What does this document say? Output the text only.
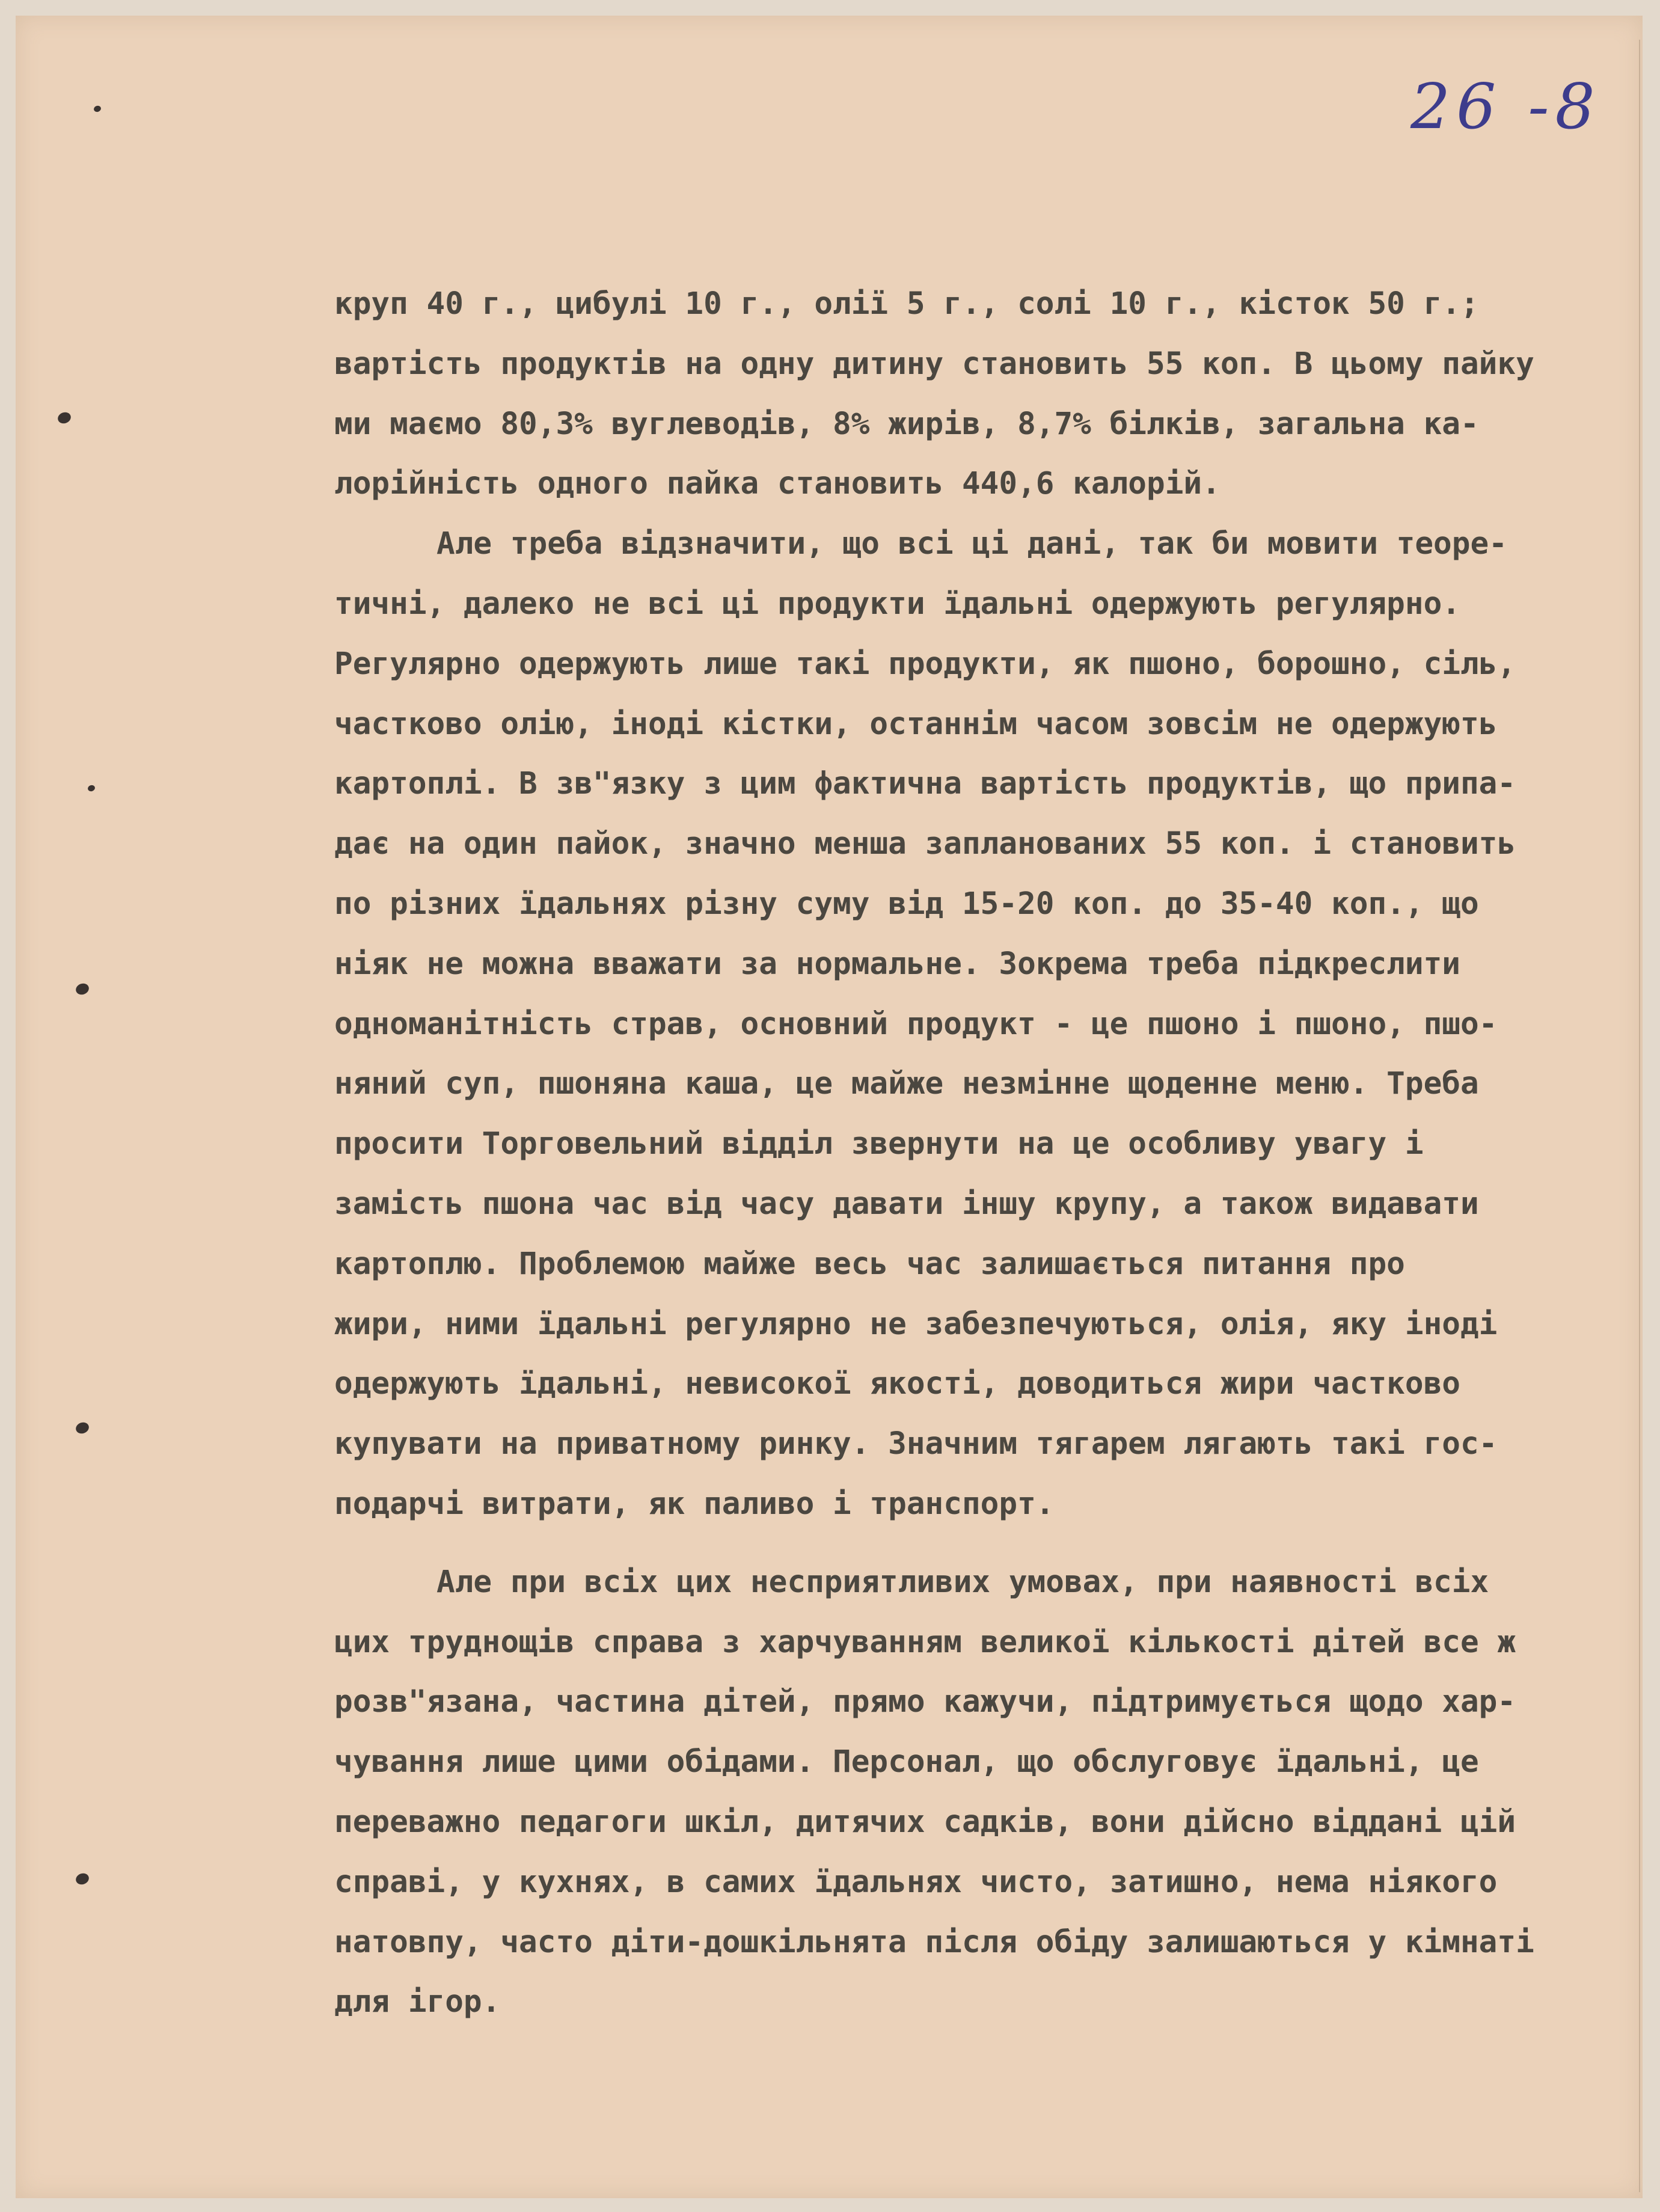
26 -8
круп 40 г., цибулі 10 г., олії 5 г., солі 10 г., кісток 50 г.;
вартість продуктів на одну дитину становить 55 коп. В цьому пайку
ми маємо 80,3% вуглеводів, 8% жирів, 8,7% білків, загальна ка-
лорійність одного пайка становить 440,6 калорій.
Але треба відзначити, що всі ці дані, так би мовити теоре-
тичні, далеко не всі ці продукти їдальні одержують регулярно.
Регулярно одержують лише такі продукти, як пшоно, борошно, сіль,
частково олію, іноді кістки, останнім часом зовсім не одержують
картоплі. В зв"язку з цим фактична вартість продуктів, що припа-
дає на один пайок, значно менша запланованих 55 коп. і становить
по різних їдальнях різну суму від 15-20 коп. до 35-40 коп., що
ніяк не можна вважати за нормальне. Зокрема треба підкреслити
одноманітність страв, основний продукт - це пшоно і пшоно, пшо-
няний суп, пшоняна каша, це майже незмінне щоденне меню. Треба
просити Торговельний відділ звернути на це особливу увагу і
замість пшона час від часу давати іншу крупу, а також видавати
картоплю. Проблемою майже весь час залишається питання про
жири, ними їдальні регулярно не забезпечуються, олія, яку іноді
одержують їдальні, невисокої якості, доводиться жири частково
купувати на приватному ринку. Значним тягарем лягають такі гос-
подарчі витрати, як паливо і транспорт.
Але при всіх цих несприятливих умовах, при наявності всіх
цих труднощів справа з харчуванням великої кількості дітей все ж
розв"язана, частина дітей, прямо кажучи, підтримується щодо хар-
чування лише цими обідами. Персонал, що обслуговує їдальні, це
переважно педагоги шкіл, дитячих садків, вони дійсно віддані цій
справі, у кухнях, в самих їдальнях чисто, затишно, нема ніякого
натовпу, часто діти-дошкільнята після обіду залишаються у кімнаті
для ігор.
